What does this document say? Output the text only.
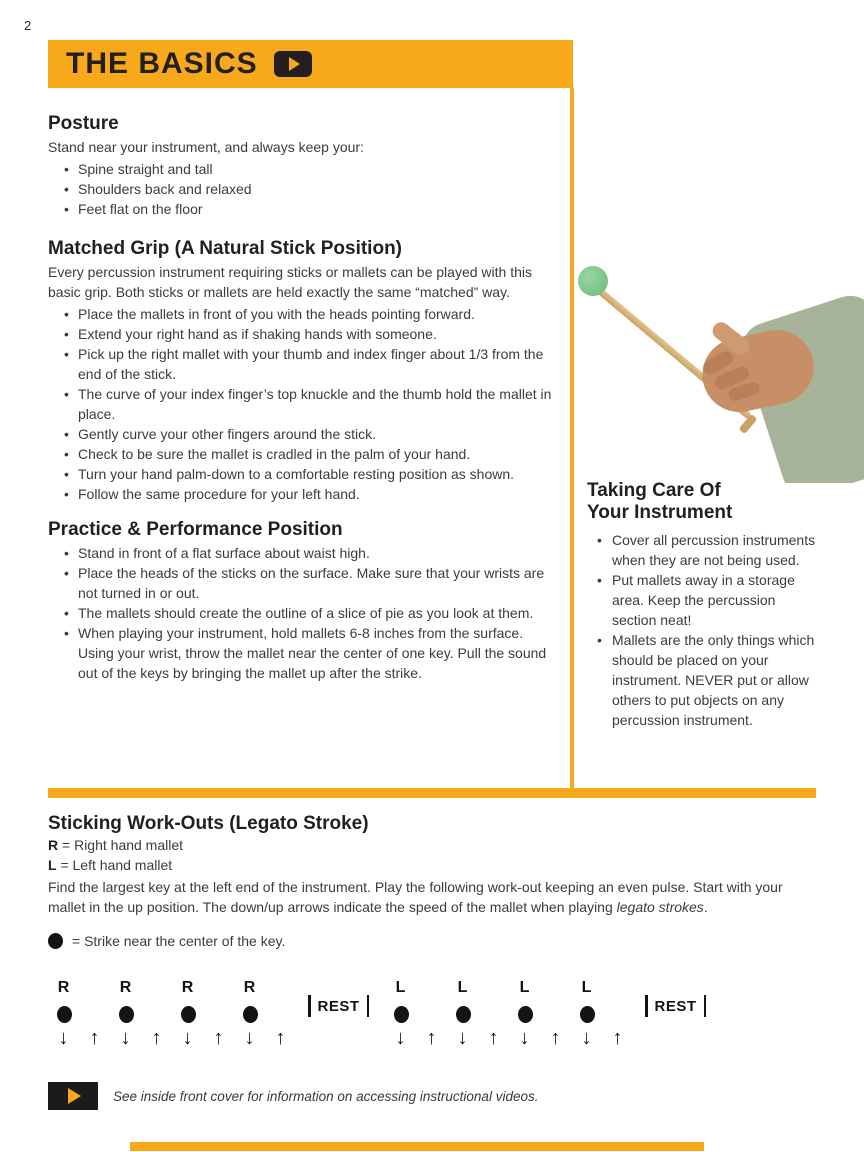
2
THE BASICS
Posture

Stand near your instrument, and always keep your:

• Spine straight and tall
• Shoulders back and relaxed
• Feet flat on the floor
Matched Grip (A Natural Stick Position)

Every percussion instrument requiring sticks or mallets can be played with this basic grip. Both sticks or mallets are held exactly the same “matched” way.

• Place the mallets in front of you with the heads pointing forward.
• Extend your right hand as if shaking hands with someone.
• Pick up the right mallet with your thumb and index finger about 1/3 from the end of the stick.
• The curve of your index finger’s top knuckle and the thumb hold the mallet in place.
• Gently curve your other fingers around the stick.
• Check to be sure the mallet is cradled in the palm of your hand.
• Turn your hand palm-down to a comfortable resting position as shown.
• Follow the same procedure for your left hand.
Practice & Performance Position
• Stand in front of a flat surface about waist high.
• Place the heads of the sticks on the surface. Make sure that your wrists are not turned in or out.
• The mallets should create the outline of a slice of pie as you look at them.
• When playing your instrument, hold mallets 6-8 inches from the surface. Using your wrist, throw the mallet near the center of one key. Pull the sound out of the keys by bringing the mallet up after the strike.
Taking Care Of
Your Instrument
• Cover all percussion instruments when they are not being used.
• Put mallets away in a storage area. Keep the percussion section neat!
• Mallets are the only things which should be placed on your instrument. NEVER put or allow others to put objects on any percussion instrument.
Sticking Work-Outs (Legato Stroke)
R = Right hand mallet
L = Left hand mallet

Find the largest key at the left end of the instrument. Play the following work-out keeping an even pulse. Start with your mallet in the up position. The down/up arrows indicate the speed of the mallet when playing legato strokes.

= Strike near the center of the key.
R
↓	↑
R
↓	↑
R
↓	↑
R
↓	↑
REST
L
↓	↑
L
↓	↑
L
↓	↑
L
↓	↑
REST
See inside front cover for information on accessing instructional videos.
